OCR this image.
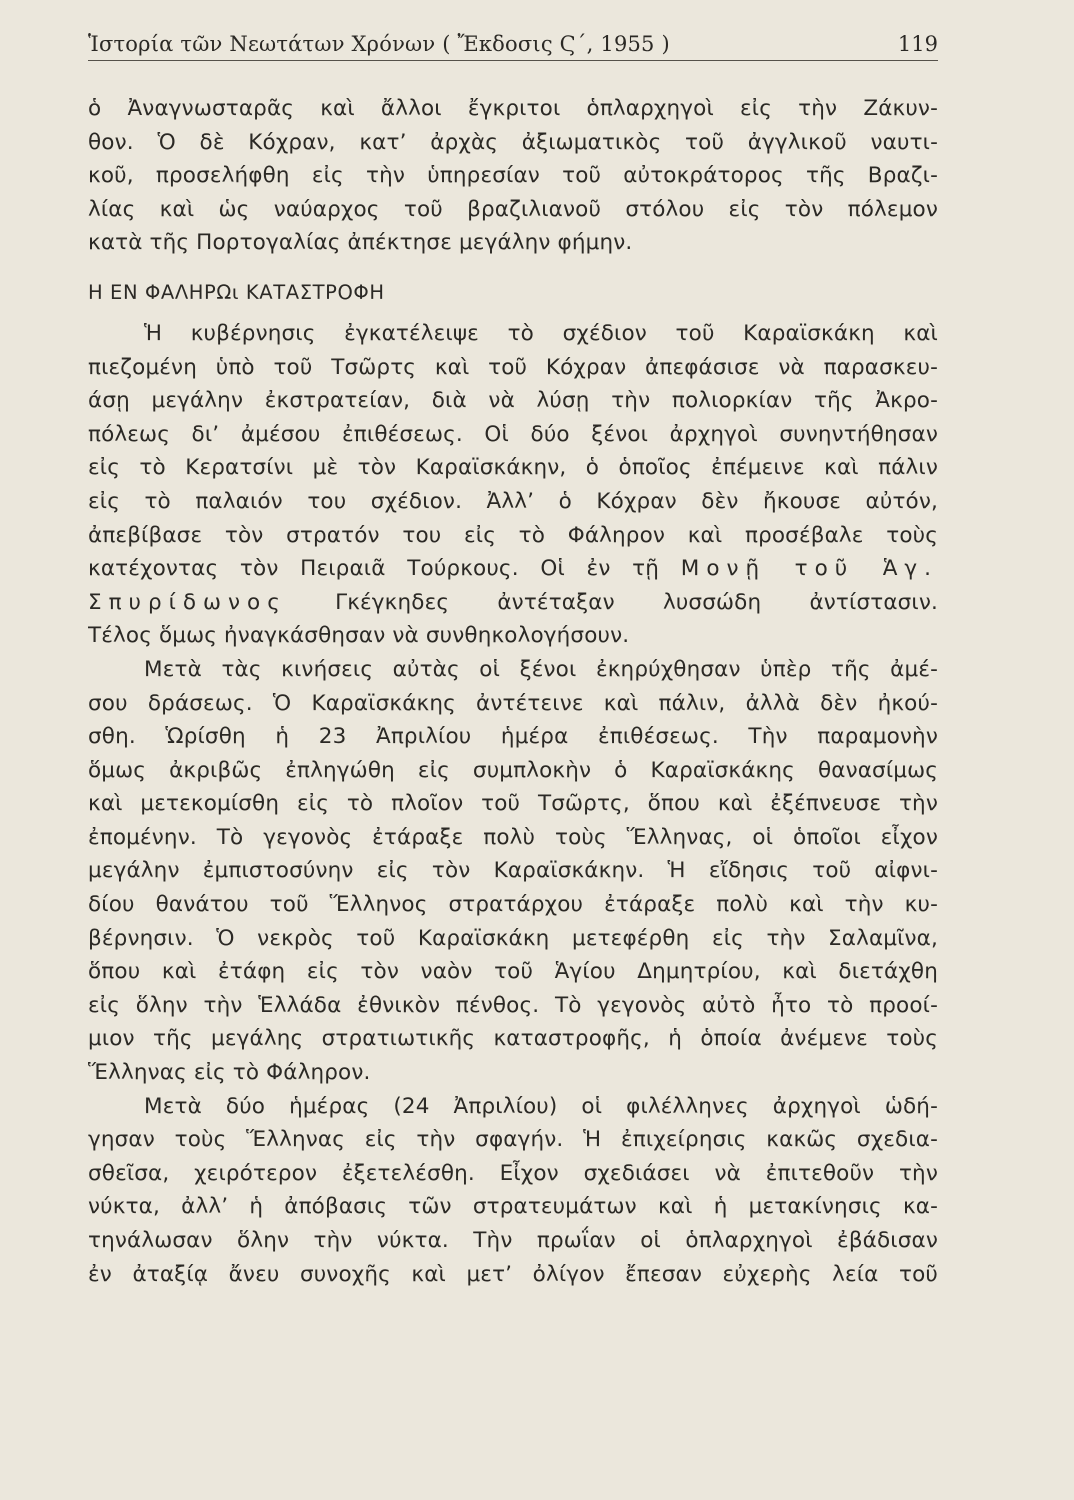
Ἱστορία τῶν Νεωτάτων Χρόνων ( Ἔκδοσις Ϛ΄, 1955 )	119
ὁ Ἀναγνωσταρᾶς καὶ ἄλλοι ἔγκριτοι ὁπλαρχηγοὶ εἰς τὴν Ζάκυν-
θον. Ὁ δὲ Κόχραν, κατ’ ἀρχὰς ἀξιωματικὸς τοῦ ἀγγλικοῦ ναυτι-
κοῦ, προσελήφθη εἰς τὴν ὑπηρεσίαν τοῦ αὐτοκράτορος τῆς Βραζι-
λίας καὶ ὡς ναύαρχος τοῦ βραζιλιανοῦ στόλου εἰς τὸν πόλεμον
κατὰ τῆς Πορτογαλίας ἀπέκτησε μεγάλην φήμην.
Η ΕΝ ΦΑΛΗΡΩι ΚΑΤΑΣΤΡΟΦΗ
Ἡ κυβέρνησις ἐγκατέλειψε τὸ σχέδιον τοῦ Καραϊσκάκη καὶ
πιεζομένη ὑπὸ τοῦ Τσῶρτς καὶ τοῦ Κόχραν ἀπεφάσισε νὰ παρασκευ-
άσῃ μεγάλην ἐκστρατείαν, διὰ νὰ λύσῃ τὴν πολιορκίαν τῆς Ἀκρο-
πόλεως δι’ ἀμέσου ἐπιθέσεως. Οἱ δύο ξένοι ἀρχηγοὶ συνηντήθησαν
εἰς τὸ Κερατσίνι μὲ τὸν Καραϊσκάκην, ὁ ὁποῖος ἐπέμεινε καὶ πάλιν
εἰς τὸ παλαιόν του σχέδιον. Ἀλλ’ ὁ Κόχραν δὲν ἤκουσε αὐτόν,
ἀπεβίβασε τὸν στρατόν του εἰς τὸ Φάληρον καὶ προσέβαλε τοὺς
κατέχοντας τὸν Πειραιᾶ Τούρκους. Οἱ ἐν τῇ Μονῇ τοῦ Ἁγ.
Σπυρίδωνος Γκέγκηδες ἀντέταξαν λυσσώδη ἀντίστασιν.
Τέλος ὅμως ἠναγκάσθησαν νὰ συνθηκολογήσουν.
Μετὰ τὰς κινήσεις αὐτὰς οἱ ξένοι ἐκηρύχθησαν ὑπὲρ τῆς ἀμέ-
σου δράσεως. Ὁ Καραϊσκάκης ἀντέτεινε καὶ πάλιν, ἀλλὰ δὲν ἠκού-
σθη. Ὡρίσθη ἡ 23 Ἀπριλίου ἡμέρα ἐπιθέσεως. Τὴν παραμονὴν
ὅμως ἀκριβῶς ἐπληγώθη εἰς συμπλοκὴν ὁ Καραϊσκάκης θανασίμως
καὶ μετεκομίσθη εἰς τὸ πλοῖον τοῦ Τσῶρτς, ὅπου καὶ ἐξέπνευσε τὴν
ἐπομένην. Τὸ γεγονὸς ἐτάραξε πολὺ τοὺς Ἕλληνας, οἱ ὁποῖοι εἶχον
μεγάλην ἐμπιστοσύνην εἰς τὸν Καραϊσκάκην. Ἡ εἴδησις τοῦ αἰφνι-
δίου θανάτου τοῦ Ἕλληνος στρατάρχου ἐτάραξε πολὺ καὶ τὴν κυ-
βέρνησιν. Ὁ νεκρὸς τοῦ Καραϊσκάκη μετεφέρθη εἰς τὴν Σαλαμῖνα,
ὅπου καὶ ἐτάφη εἰς τὸν ναὸν τοῦ Ἁγίου Δημητρίου, καὶ διετάχθη
εἰς ὅλην τὴν Ἑλλάδα ἐθνικὸν πένθος. Τὸ γεγονὸς αὐτὸ ἦτο τὸ προοί-
μιον τῆς μεγάλης στρατιωτικῆς καταστροφῆς, ἡ ὁποία ἀνέμενε τοὺς
Ἕλληνας εἰς τὸ Φάληρον.
Μετὰ δύο ἡμέρας (24 Ἀπριλίου) οἱ φιλέλληνες ἀρχηγοὶ ὡδή-
γησαν τοὺς Ἕλληνας εἰς τὴν σφαγήν. Ἡ ἐπιχείρησις κακῶς σχεδια-
σθεῖσα, χειρότερον ἐξετελέσθη. Εἶχον σχεδιάσει νὰ ἐπιτεθοῦν τὴν
νύκτα, ἀλλ’ ἡ ἀπόβασις τῶν στρατευμάτων καὶ ἡ μετακίνησις κα-
τηνάλωσαν ὅλην τὴν νύκτα. Τὴν πρωΐαν οἱ ὁπλαρχηγοὶ ἐβάδισαν
ἐν ἀταξίᾳ ἄνευ συνοχῆς καὶ μετ’ ὀλίγον ἔπεσαν εὐχερὴς λεία τοῦ
